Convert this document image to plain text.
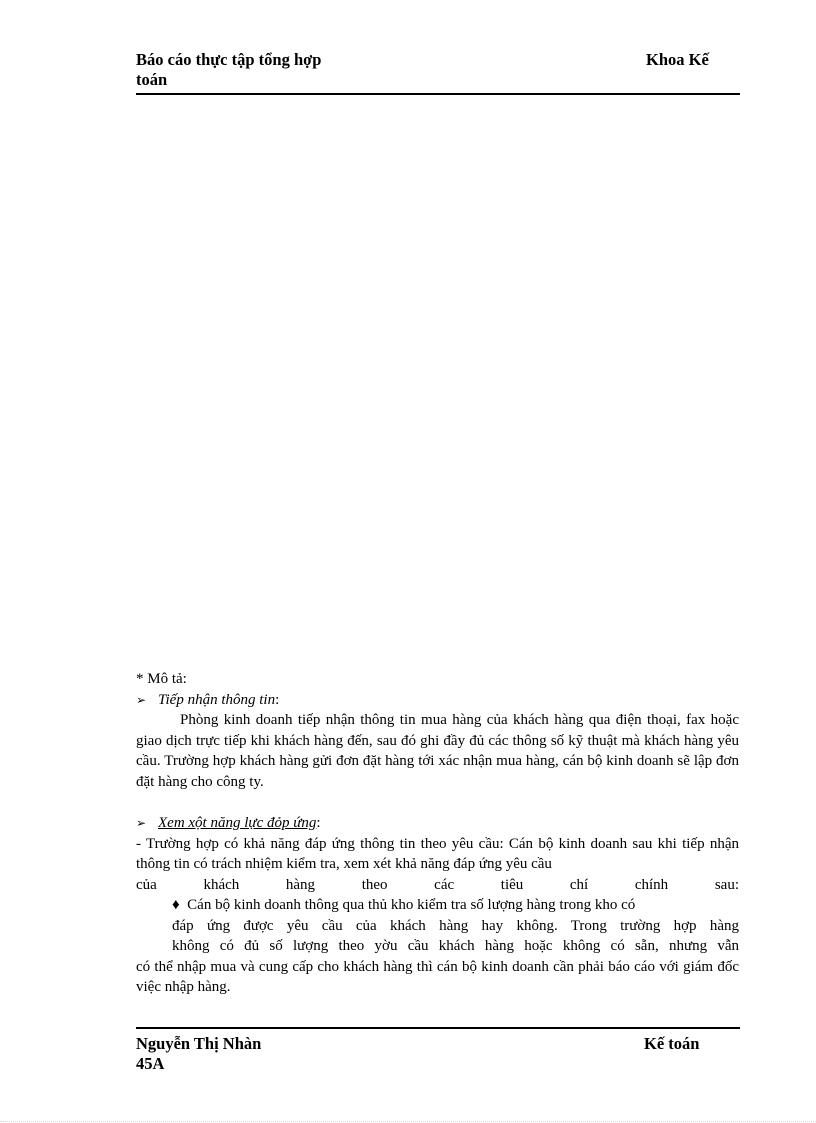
Báo cáo thực tập tổng hợp
toán
Khoa Kế

* Mô tả:

➢ Tiếp nhận thông tin:

Phòng kinh doanh tiếp nhận thông tin mua hàng của khách hàng qua điện thoại, fax hoặc giao dịch trực tiếp khi khách hàng đến, sau đó ghi đầy đủ các thông số kỹ thuật mà khách hàng yêu cầu. Trường hợp khách hàng gửi đơn đặt hàng tới xác nhận mua hàng, cán bộ kinh doanh sẽ lập đơn đặt hàng cho công ty.

➢ Xem xột năng lực đỏp ứng:

- Trường hợp có khả năng đáp ứng thông tin theo yêu cầu: Cán bộ kinh doanh sau khi tiếp nhận thông tin có trách nhiệm kiểm tra, xem xét khả năng đáp ứng yêu cầu

của khách hàng theo các tiêu chí chính sau:

♦ Cán bộ kinh doanh thông qua thủ kho kiểm tra số lượng hàng trong kho có

đáp ứng được yêu cầu của khách hàng hay không. Trong trường hợp hàng

không có đủ số lượng theo yờu cầu khách hàng hoặc không có sẵn, nhưng vẫn

có thể nhập mua và cung cấp cho khách hàng thì cán bộ kinh doanh cần phải báo cáo với giám đốc việc nhập hàng.

Nguyễn Thị Nhàn
45A
Kế toán
